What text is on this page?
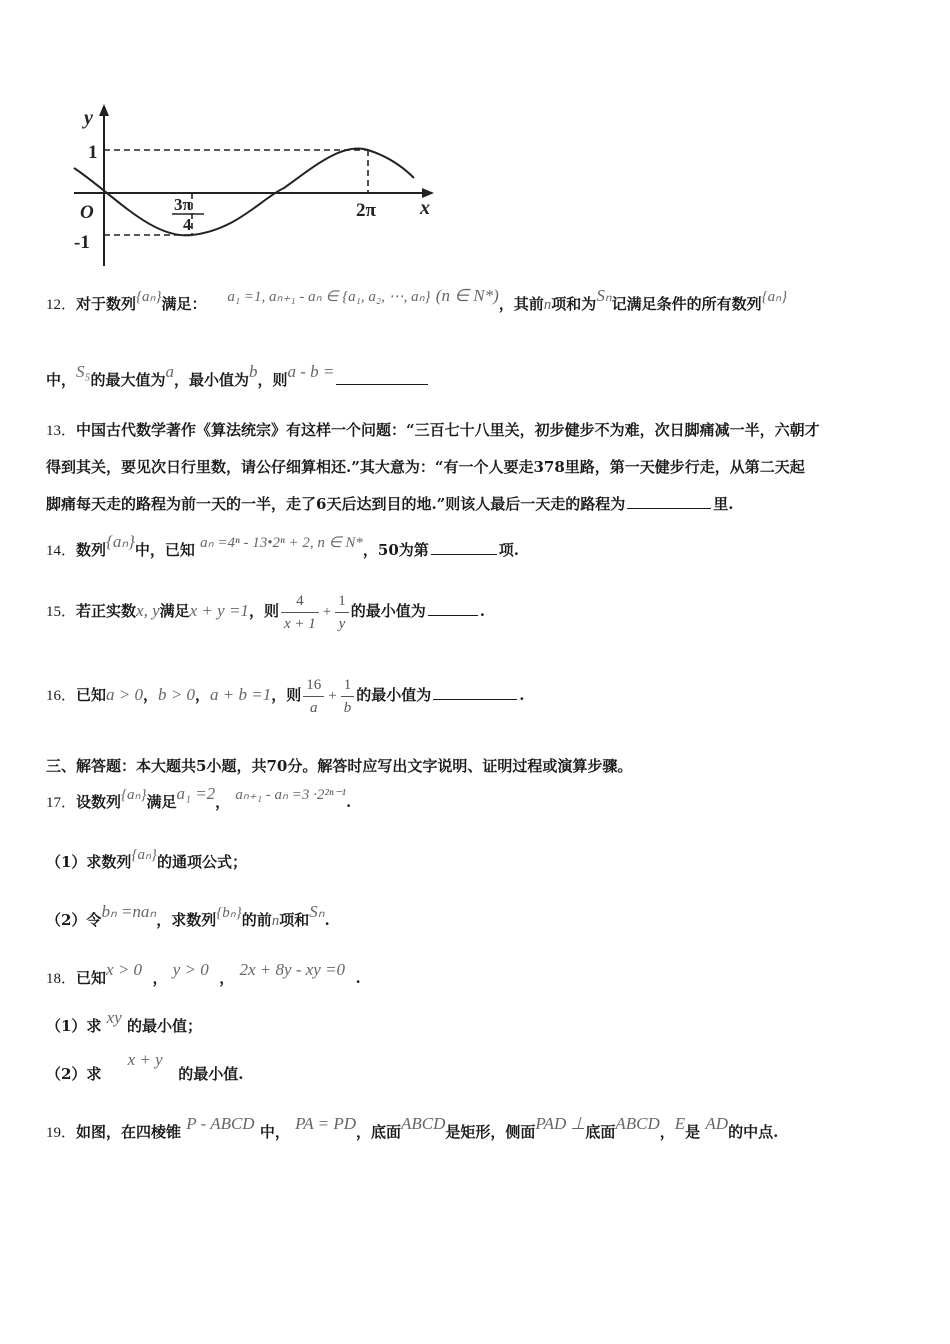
y
x
O
1
-1
3π
4
2π
12．对于数列{aₙ}满足： a₁ =1, aₙ₊₁ - aₙ ∈ {a₁, a₂, ⋯, aₙ} (n ∈ N*)，其前n项和为Sₙ记满足条件的所有数列{aₙ}
中，S₅的最大值为a，最小值为b，则a - b =
13．中国古代数学著作《算法统宗》有这样一个问题：“三百七十八里关，初步健步不为难，次日脚痛减一半，六朝才
得到其关，要见次日行里数，请公仔细算相还.”其大意为：“有一个人要走378里路，第一天健步行走，从第二天起
脚痛每天走的路程为前一天的一半，走了6天后达到目的地.”则该人最后一天走的路程为	里.
14．数列{aₙ}中，已知 aₙ =4ⁿ - 13•2ⁿ + 2, n ∈ N*，50为第	项.
15．若正实数x, y满足x + y =1，则 $\frac{4}{x + 1} + \frac{1}{y}$ 的最小值为	.
16．已知a > 0，b > 0，a + b =1，则 $\frac{16}{a} + \frac{1}{b}$ 的最小值为	.
三、解答题：本大题共5小题，共70分。解答时应写出文字说明、证明过程或演算步骤。
17．设数列{aₙ}满足a₁ =2， aₙ₊₁ - aₙ =3 ·2²ⁿ⁻¹.
（1）求数列{aₙ}的通项公式；
（2）令bₙ =naₙ，求数列{bₙ}的前n项和Sₙ.
18．已知x > 0 ， y > 0 ， 2x + 8y - xy =0 .
（1）求 xy 的最小值；
（2）求     x + y   的最小值.
19．如图，在四棱锥 P - ABCD 中， PA = PD，底面ABCD是矩形，侧面PAD ⊥底面ABCD，E是 AD的中点.
